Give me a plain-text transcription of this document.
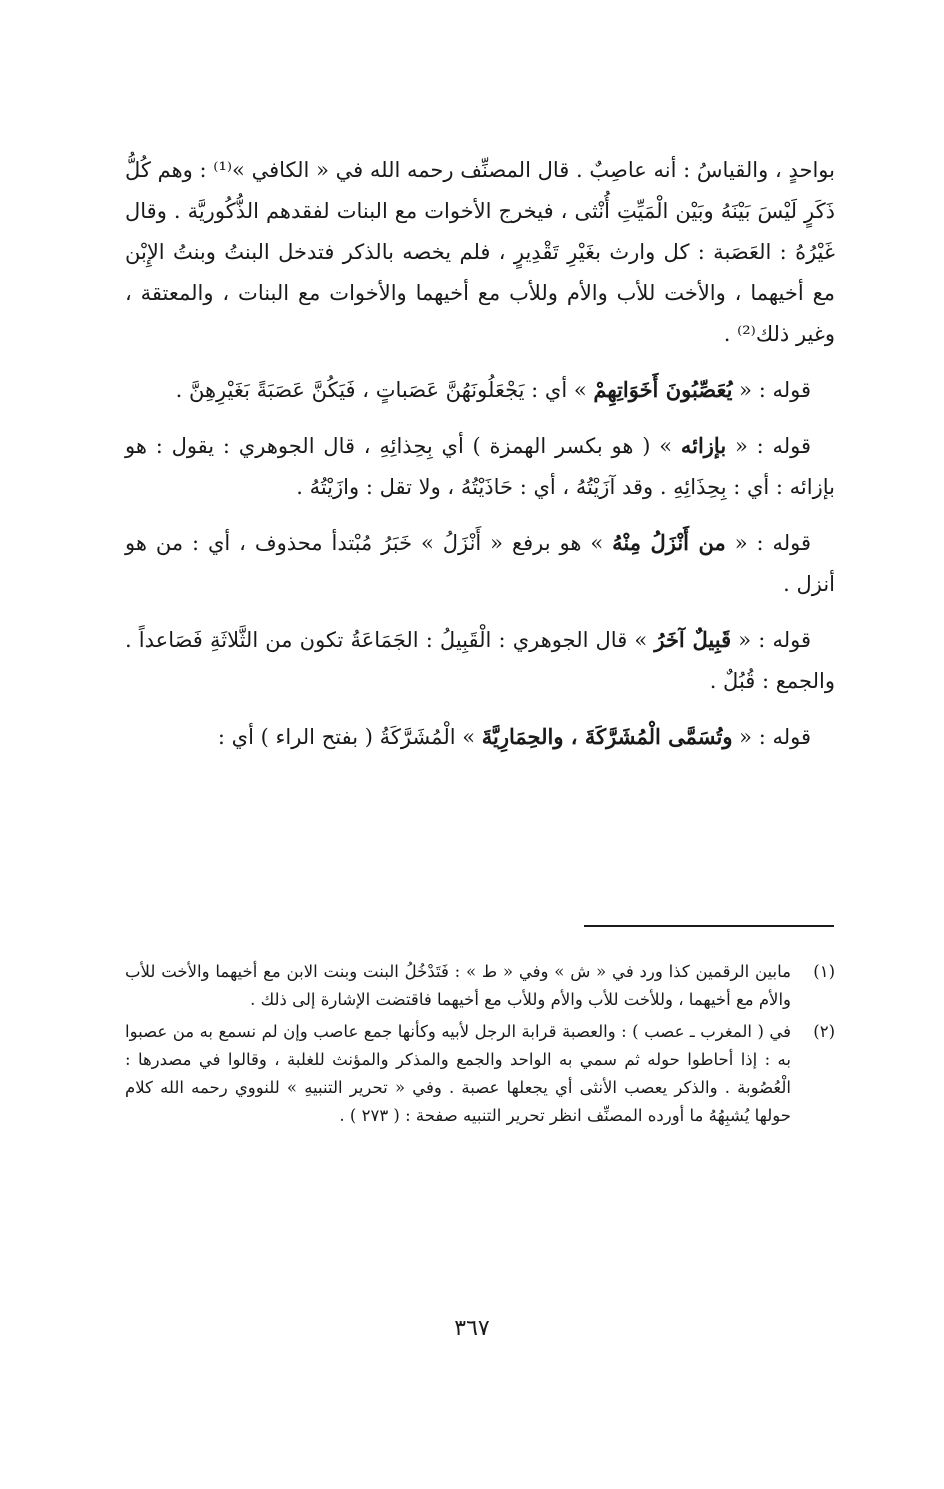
بواحدٍ ، والقياسُ : أنه عاصِبٌ . قال المصنِّف رحمه الله في « الكافي »⁽¹⁾ : وهم كُلُّ ذَكَرٍ لَيْسَ بَيْنَهُ وبَيْن الْمَيِّتِ أُنْثى ، فيخرج الأخوات مع البنات لفقدهم الذُّكُوريَّة . وقال غَيْرُهُ : العَصَبة : كل وارث بغَيْرِ تَقْدِيرٍ ، فلم يخصه بالذكر فتدخل البنتُ وبنتُ الإِبْن مع أخيهما ، والأخت للأب والأم وللأب مع أخيهما والأخوات مع البنات ، والمعتقة ، وغير ذلك⁽²⁾ .

قوله : « يُعَصِّبُونَ أَخَوَاتِهِمْ » أي : يَجْعَلُونَهُنَّ عَصَباتٍ ، فَيَكُنَّ عَصَبَةً بَغَيْرِهِنَّ .

قوله : « بإزائه » ( هو بكسر الهمزة ) أي بِحِذائِهِ ، قال الجوهري : يقول : هو بإزائه : أي : بِحِذَائِهِ . وقد آزَيْتُهُ ، أي : حَاذَيْتُهُ ، ولا تقل : وازَيْتُهُ .

قوله : « من أَنْزَلُ مِنْهُ » هو برفع « أَنْزَلُ » خَبَرُ مُبْتدأ محذوف ، أي : من هو أنزل .

قوله : « قَبِيلٌ آخَرُ » قال الجوهري : الْقَبِيلُ : الجَمَاعَةُ تكون من الثَّلاثَةِ فَصَاعداً . والجمع : قُبُلٌ .

قوله : « وتُسَمَّى الْمُشَرَّكَةَ ، والحِمَارِيَّةَ » الْمُشَرَّكَةُ ( بفتح الراء ) أي :

(١)
مابين الرقمين كذا ورد في « ش » وفي « ط » : فَتَدْخُلُ البنت وبنت الابن مع أخيهما والأخت للأب والأم مع أخيهما ، وللأخت للأب والأم وللأب مع أخيهما فاقتضت الإشارة إلى ذلك .
(٢)
في ( المغرب ـ عصب ) : والعصبة قرابة الرجل لأبيه وكأنها جمع عاصب وإن لم نسمع به من عصبوا به : إذا أحاطوا حوله ثم سمي به الواحد والجمع والمذكر والمؤنث للغلبة ، وقالوا في مصدرها : الْعُصُوبة . والذكر يعصب الأنثى أي يجعلها عصبة . وفي « تحرير التنبيهِ » للنووي رحمه الله كلام حولها يُشبِهُهُ ما أورده المصنِّف انظر تحرير التنبيه صفحة : ( ٢٧٣ ) .
٣٦٧
